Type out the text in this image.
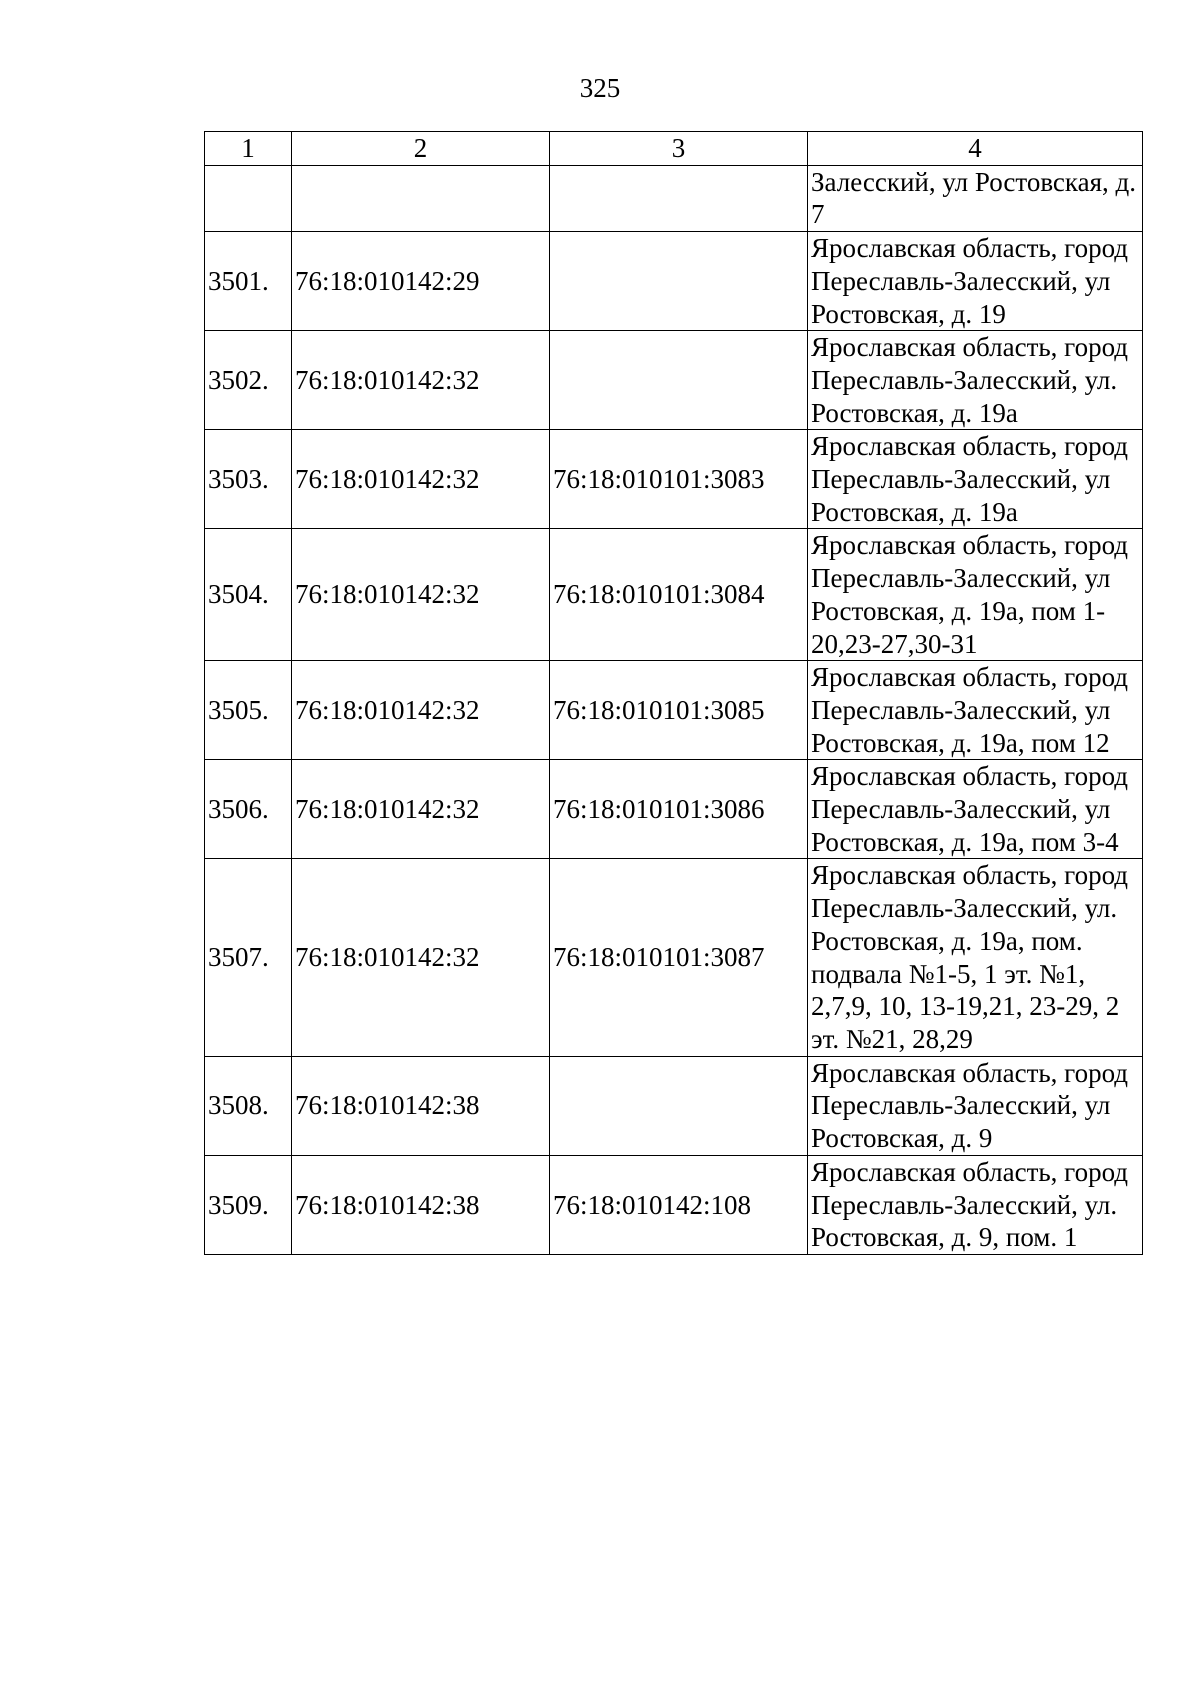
325
1	2	3	4
			Залесский, ул Ростовская, д. 7
3501.	76:18:010142:29		Ярославская область, город Переславль-Залесский, ул Ростовская, д. 19
3502.	76:18:010142:32		Ярославская область, город Переславль-Залесский, ул. Ростовская, д. 19а
3503.	76:18:010142:32	76:18:010101:3083	Ярославская область, город Переславль-Залесский, ул Ростовская, д. 19а
3504.	76:18:010142:32	76:18:010101:3084	Ярославская область, город Переславль-Залесский, ул Ростовская, д. 19а, пом 1-20,23-27,30-31
3505.	76:18:010142:32	76:18:010101:3085	Ярославская область, город Переславль-Залесский, ул Ростовская, д. 19а, пом 12
3506.	76:18:010142:32	76:18:010101:3086	Ярославская область, город Переславль-Залесский, ул Ростовская, д. 19а, пом 3-4
3507.	76:18:010142:32	76:18:010101:3087	Ярославская область, город Переславль-Залесский, ул. Ростовская, д. 19а, пом. подвала №1-5, 1 эт. №1, 2,7,9, 10, 13-19,21, 23-29, 2 эт. №21, 28,29
3508.	76:18:010142:38		Ярославская область, город Переславль-Залесский, ул Ростовская, д. 9
3509.	76:18:010142:38	76:18:010142:108	Ярославская область, город Переславль-Залесский, ул. Ростовская, д. 9, пом. 1
